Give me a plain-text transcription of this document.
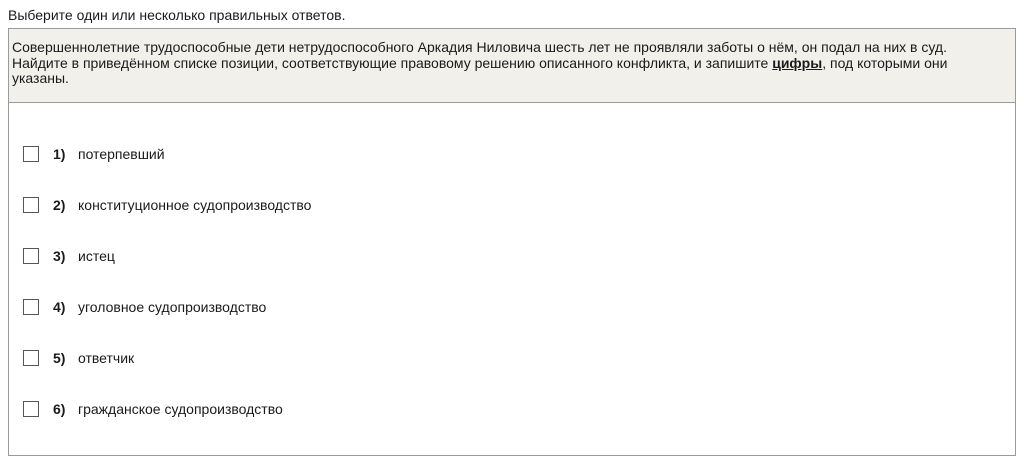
Выберите один или несколько правильных ответов.
Совершеннолетние трудоспособные дети нетрудоспособного Аркадия Ниловича шесть лет не проявляли заботы о нём, он подал на них в суд. Найдите в приведённом списке позиции, соответствующие правовому решению описанного конфликта, и запишите цифры, под которыми они указаны.
1) потерпевший
2) конституционное судопроизводство
3) истец
4) уголовное судопроизводство
5) ответчик
6) гражданское судопроизводство
